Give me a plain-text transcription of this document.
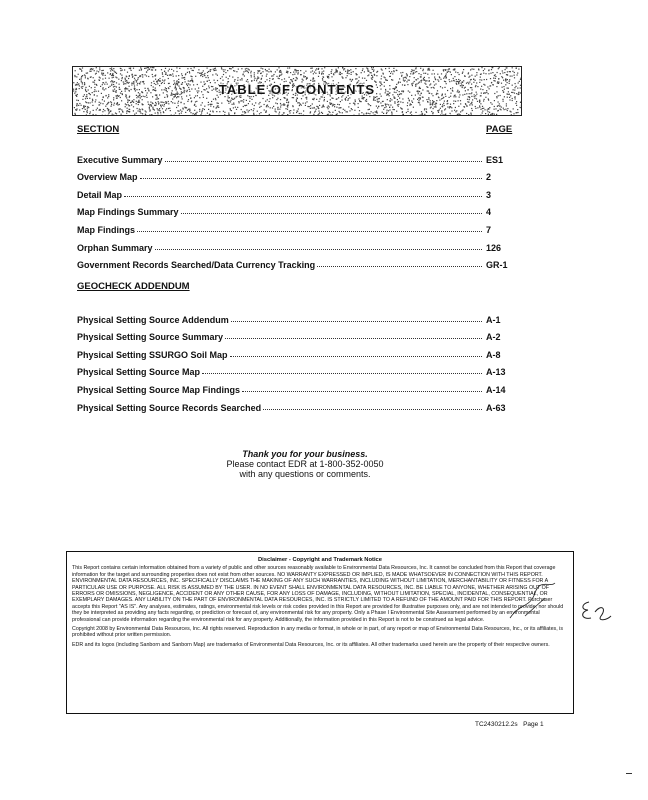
TABLE OF CONTENTS
SECTION	PAGE
Executive Summary	ES1
Overview Map	2
Detail Map	3
Map Findings Summary	4
Map Findings	7
Orphan Summary	126
Government Records Searched/Data Currency Tracking	GR-1
GEOCHECK ADDENDUM
Physical Setting Source Addendum	A-1
Physical Setting Source Summary	A-2
Physical Setting SSURGO Soil Map	A-8
Physical Setting Source Map	A-13
Physical Setting Source Map Findings	A-14
Physical Setting Source Records Searched	A-63
Thank you for your business.
Please contact EDR at 1-800-352-0050
with any questions or comments.
Disclaimer - Copyright and Trademark Notice

This Report contains certain information obtained from a variety of public and other sources reasonably available to Environmental Data Resources, Inc. It cannot be concluded from this Report that coverage information for the target and surrounding properties does not exist from other sources. NO WARRANTY EXPRESSED OR IMPLIED, IS MADE WHATSOEVER IN CONNECTION WITH THIS REPORT. ENVIRONMENTAL DATA RESOURCES, INC. SPECIFICALLY DISCLAIMS THE MAKING OF ANY SUCH WARRANTIES, INCLUDING WITHOUT LIMITATION, MERCHANTABILITY OR FITNESS FOR A PARTICULAR USE OR PURPOSE. ALL RISK IS ASSUMED BY THE USER. IN NO EVENT SHALL ENVIRONMENTAL DATA RESOURCES, INC. BE LIABLE TO ANYONE, WHETHER ARISING OUT OF ERRORS OR OMISSIONS, NEGLIGENCE, ACCIDENT OR ANY OTHER CAUSE, FOR ANY LOSS OF DAMAGE, INCLUDING, WITHOUT LIMITATION, SPECIAL, INCIDENTAL, CONSEQUENTIAL, OR EXEMPLARY DAMAGES. ANY LIABILITY ON THE PART OF ENVIRONMENTAL DATA RESOURCES, INC. IS STRICTLY LIMITED TO A REFUND OF THE AMOUNT PAID FOR THIS REPORT. Purchaser accepts this Report "AS IS". Any analyses, estimates, ratings, environmental risk levels or risk codes provided in this Report are provided for illustrative purposes only, and are not intended to provide, nor should they be interpreted as providing any facts regarding, or prediction or forecast of, any environmental risk for any property. Only a Phase I Environmental Site Assessment performed by an environmental professional can provide information regarding the environmental risk for any property. Additionally, the information provided in this Report is not to be construed as legal advice.

Copyright 2008 by Environmental Data Resources, Inc. All rights reserved. Reproduction in any media or format, in whole or in part, of any report or map of Environmental Data Resources, Inc., or its affiliates, is prohibited without prior written permission.

EDR and its logos (including Sanborn and Sanborn Map) are trademarks of Environmental Data Resources, Inc. or its affiliates. All other trademarks used herein are the property of their respective owners.

TC2430212.2s Page 1
